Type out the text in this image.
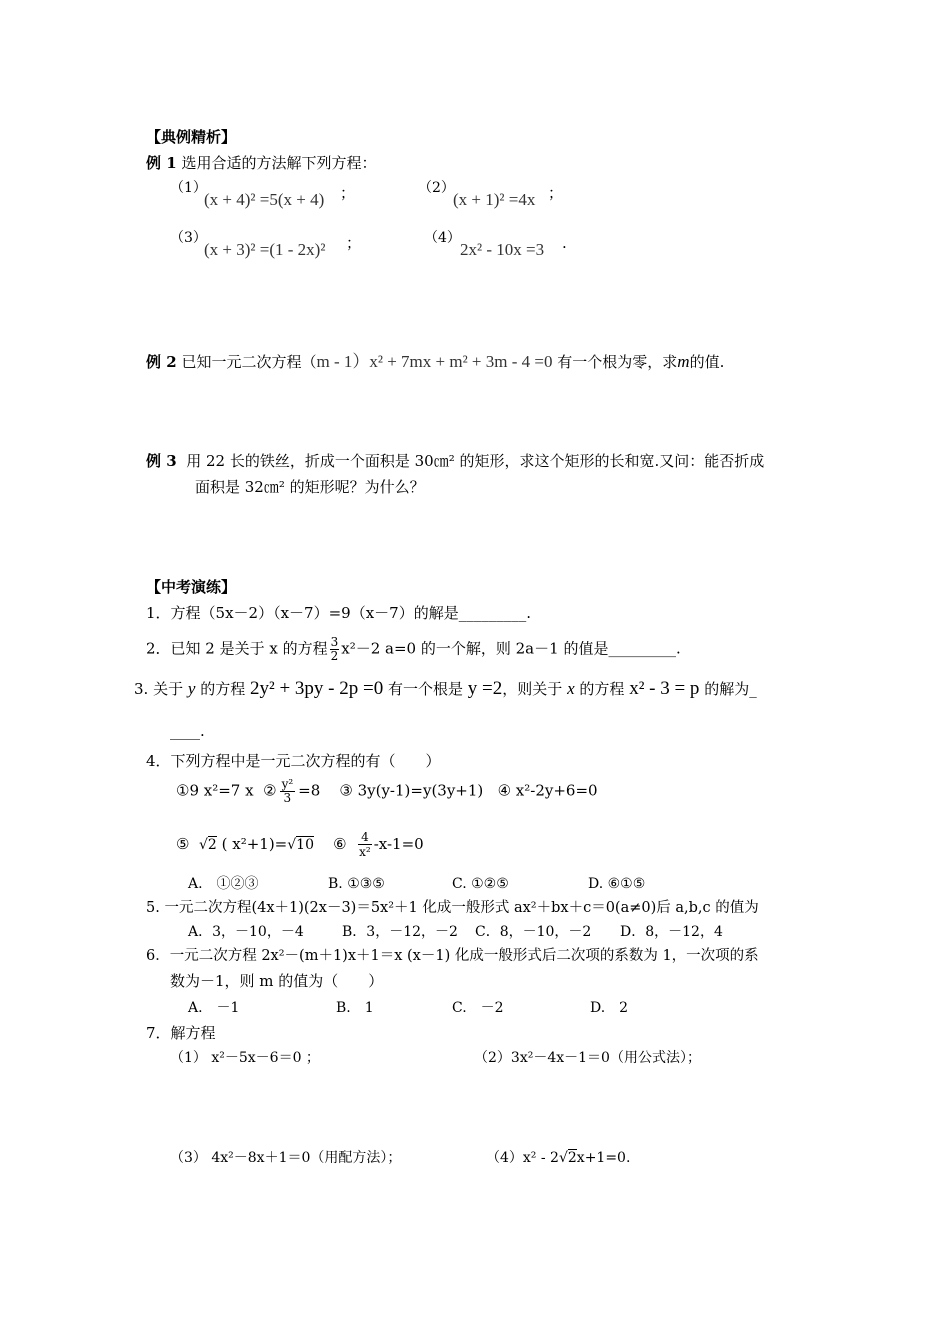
【典例精析】
例 1 选用合适的方法解下列方程：
（1）
(x + 4)² =5(x + 4) ；	（2）
(x + 1)² =4x ；
（3）
(x + 3)² =(1 - 2x)² ；	（4）
2x² - 10x =3 .
例 2 已知一元二次方程（m - 1）x² + 7mx + m² + 3m - 4 =0 有一个根为零，求m的值.
例 3 用 22 长的铁丝，折成一个面积是 30㎝² 的矩形，求这个矩形的长和宽.又问：能否折成
面积是 32㎝² 的矩形呢？为什么？
【中考演练】
1．方程（5x－2）（x－7）=9（x－7）的解是_________.
2．已知 2 是关于 x 的方程 $\frac{3}{2} x^2-2$ a=0 的一个解，则 2a－1 的值是_________.
3. 关于 y 的方程 2y² + 3py - 2p =0 有一个根是 y =2，则关于 x 的方程 x² - 3 = p 的解为_
____.
4．下列方程中是一元二次方程的有（　　）
①9 x²=7 x ② $\frac{\text{y²}}{3} =8$ ③ 3y(y-1)=y(3y+1) ④ x²-2y+6=0
⑤ √2 ( x²+1)=√10 ⑥ $\frac{4}{\text{x²}} -x-1=0$
A.　①②③	B. ①③⑤	C. ①②⑤	D. ⑥①⑤
5. 一元二次方程(4x＋1)(2x－3)＝5x²＋1 化成一般形式 ax²＋bx＋c＝0(a≠0)后 a,b,c 的值为
A．3，－10，－4	B．3，－12，－2 C．8，－10，－2 D．8，－12，4
6．一元二次方程 2x²－(m＋1)x＋1＝x (x－1) 化成一般形式后二次项的系数为 1，一次项的系
数为－1，则 m 的值为（　　）
A.　－1	B.　1	C.　－2	D.　2
7．解方程
（1） x²－5x－6＝0 ；	（2）3x²－4x－1＝0（用公式法）；
（3） 4x²－8x＋1＝0（用配方法）；	（4）x² - 2√2x+1=0.
